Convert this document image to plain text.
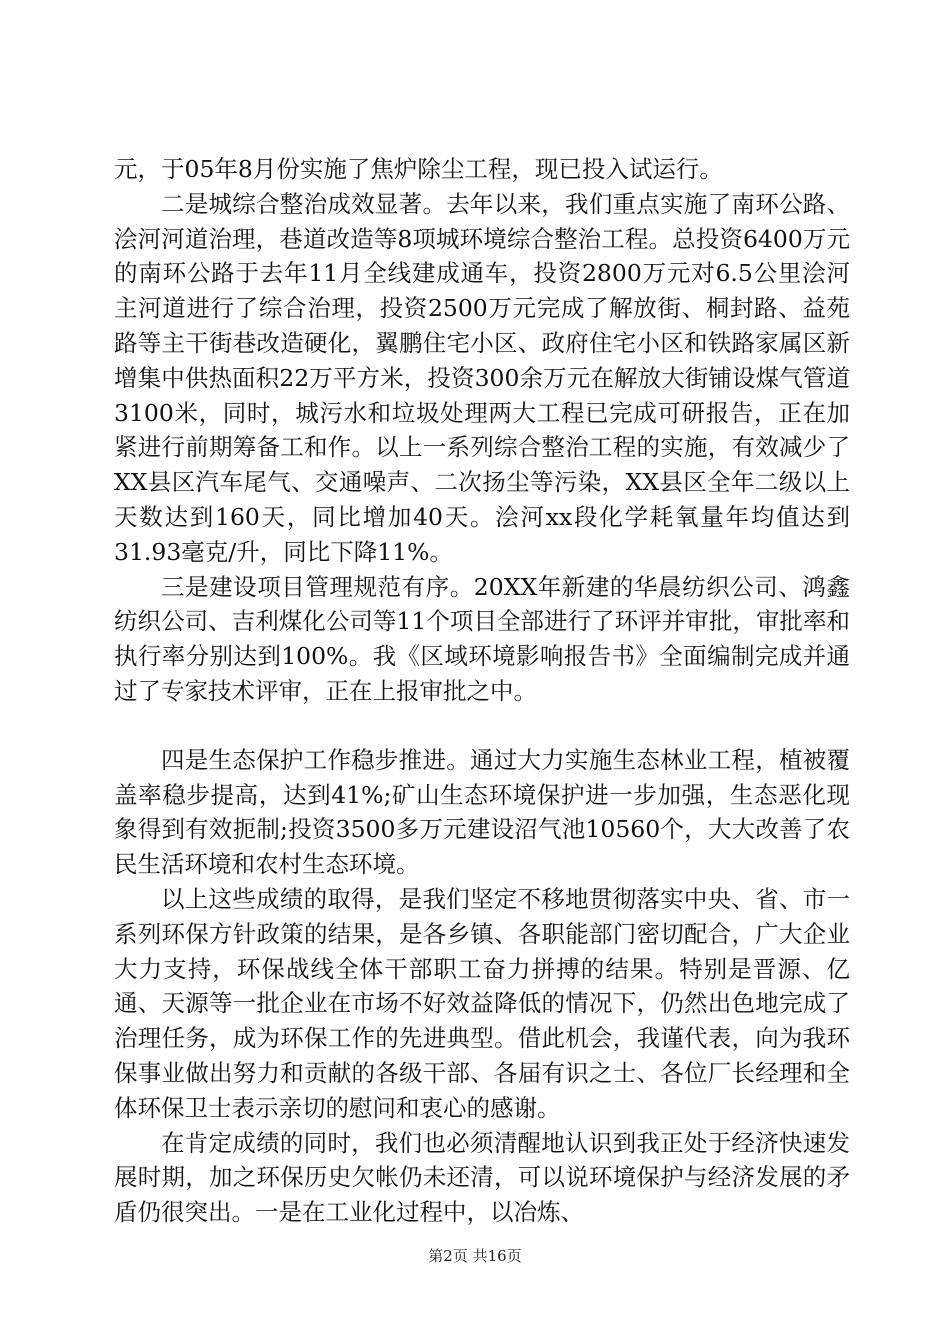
元，于05年8月份实施了焦炉除尘工程，现已投入试运行。

二是城综合整治成效显著。去年以来，我们重点实施了南环公路、浍河河道治理，巷道改造等8项城环境综合整治工程。总投资6400万元的南环公路于去年11月全线建成通车，投资2800万元对6.5公里浍河主河道进行了综合治理，投资2500万元完成了解放街、桐封路、益苑路等主干街巷改造硬化，翼鹏住宅小区、政府住宅小区和铁路家属区新增集中供热面积22万平方米，投资300余万元在解放大街铺设煤气管道3100米，同时，城污水和垃圾处理两大工程已完成可研报告，正在加紧进行前期筹备工和作。以上一系列综合整治工程的实施，有效减少了XX县区汽车尾气、交通噪声、二次扬尘等污染，XX县区全年二级以上天数达到160天，同比增加40天。浍河xx段化学耗氧量年均值达到31.93毫克/升，同比下降11%。

三是建设项目管理规范有序。20XX年新建的华晨纺织公司、鸿鑫纺织公司、吉利煤化公司等11个项目全部进行了环评并审批，审批率和执行率分别达到100%。我《区域环境影响报告书》全面编制完成并通过了专家技术评审，正在上报审批之中。

四是生态保护工作稳步推进。通过大力实施生态林业工程，植被覆盖率稳步提高，达到41%;矿山生态环境保护进一步加强，生态恶化现象得到有效扼制;投资3500多万元建设沼气池10560个，大大改善了农民生活环境和农村生态环境。

以上这些成绩的取得，是我们坚定不移地贯彻落实中央、省、市一系列环保方针政策的结果，是各乡镇、各职能部门密切配合，广大企业大力支持，环保战线全体干部职工奋力拼搏的结果。特别是晋源、亿通、天源等一批企业在市场不好效益降低的情况下，仍然出色地完成了治理任务，成为环保工作的先进典型。借此机会，我谨代表，向为我环保事业做出努力和贡献的各级干部、各届有识之士、各位厂长经理和全体环保卫士表示亲切的慰问和衷心的感谢。

在肯定成绩的同时，我们也必须清醒地认识到我正处于经济快速发展时期，加之环保历史欠帐仍未还清，可以说环境保护与经济发展的矛盾仍很突出。一是在工业化过程中，以冶炼、

第2页 共16页
